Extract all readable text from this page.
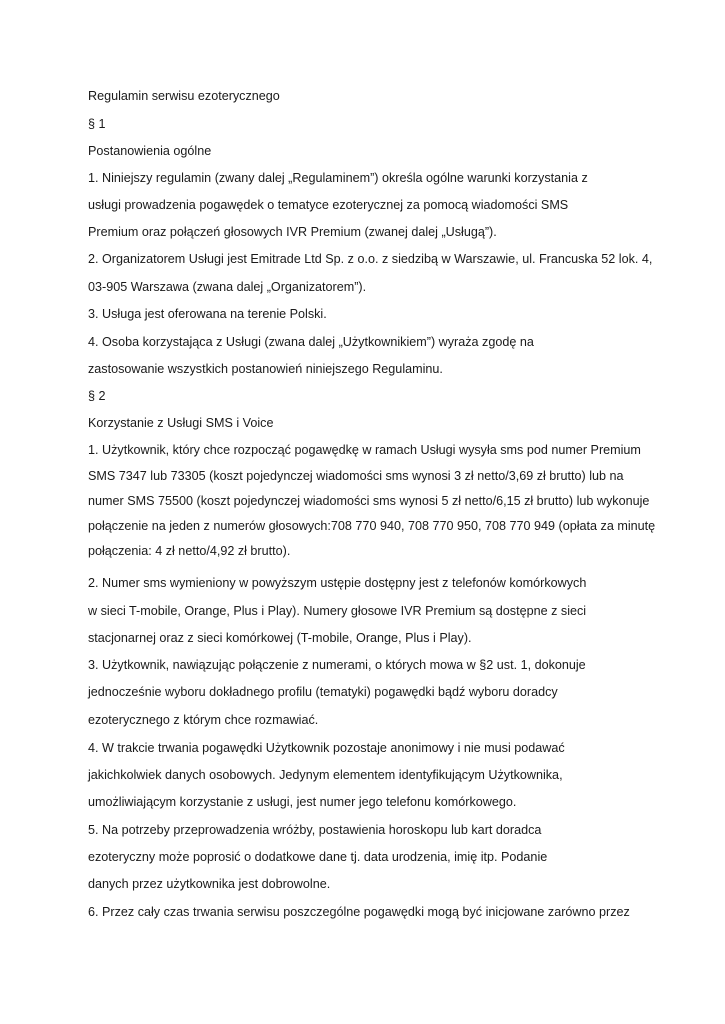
Regulamin serwisu ezoterycznego
§ 1
Postanowienia ogólne
1. Niniejszy regulamin (zwany dalej „Regulaminem”) określa ogólne warunki korzystania z
usługi prowadzenia pogawędek o tematyce ezoterycznej za pomocą wiadomości SMS
Premium oraz połączeń głosowych IVR Premium (zwanej dalej „Usługą”).
2. Organizatorem Usługi jest Emitrade Ltd Sp. z o.o. z siedzibą w Warszawie, ul. Francuska 52 lok. 4,
03-905 Warszawa (zwana dalej „Organizatorem”).
3. Usługa jest oferowana na terenie Polski.
4. Osoba korzystająca z Usługi (zwana dalej „Użytkownikiem”) wyraża zgodę na
zastosowanie wszystkich postanowień niniejszego Regulaminu.
§ 2
Korzystanie z Usługi SMS i Voice
1. Użytkownik, który chce rozpocząć pogawędkę w ramach Usługi wysyła sms pod numer Premium
SMS 7347 lub 73305 (koszt pojedynczej wiadomości sms wynosi 3 zł netto/3,69 zł brutto) lub na
numer SMS 75500 (koszt pojedynczej wiadomości sms wynosi 5 zł netto/6,15 zł brutto) lub wykonuje
połączenie na jeden z numerów głosowych:708 770 940, 708 770 950, 708 770 949 (opłata za minutę
połączenia: 4 zł netto/4,92 zł brutto).
2. Numer sms wymieniony w powyższym ustępie dostępny jest z telefonów komórkowych
w sieci T-mobile, Orange, Plus i Play). Numery głosowe IVR Premium są dostępne z sieci
stacjonarnej oraz z sieci komórkowej (T-mobile, Orange, Plus i Play).
3. Użytkownik, nawiązując połączenie z numerami, o których mowa w §2 ust. 1, dokonuje
jednocześnie wyboru dokładnego profilu (tematyki) pogawędki bądź wyboru doradcy
ezoterycznego z którym chce rozmawiać.
4. W trakcie trwania pogawędki Użytkownik pozostaje anonimowy i nie musi podawać
jakichkolwiek danych osobowych. Jedynym elementem identyfikującym Użytkownika,
umożliwiającym korzystanie z usługi, jest numer jego telefonu komórkowego.
5. Na potrzeby przeprowadzenia wróżby, postawienia horoskopu lub kart doradca
ezoteryczny może poprosić o dodatkowe dane tj. data urodzenia, imię itp. Podanie
danych przez użytkownika jest dobrowolne.
6. Przez cały czas trwania serwisu poszczególne pogawędki mogą być inicjowane zarówno przez
